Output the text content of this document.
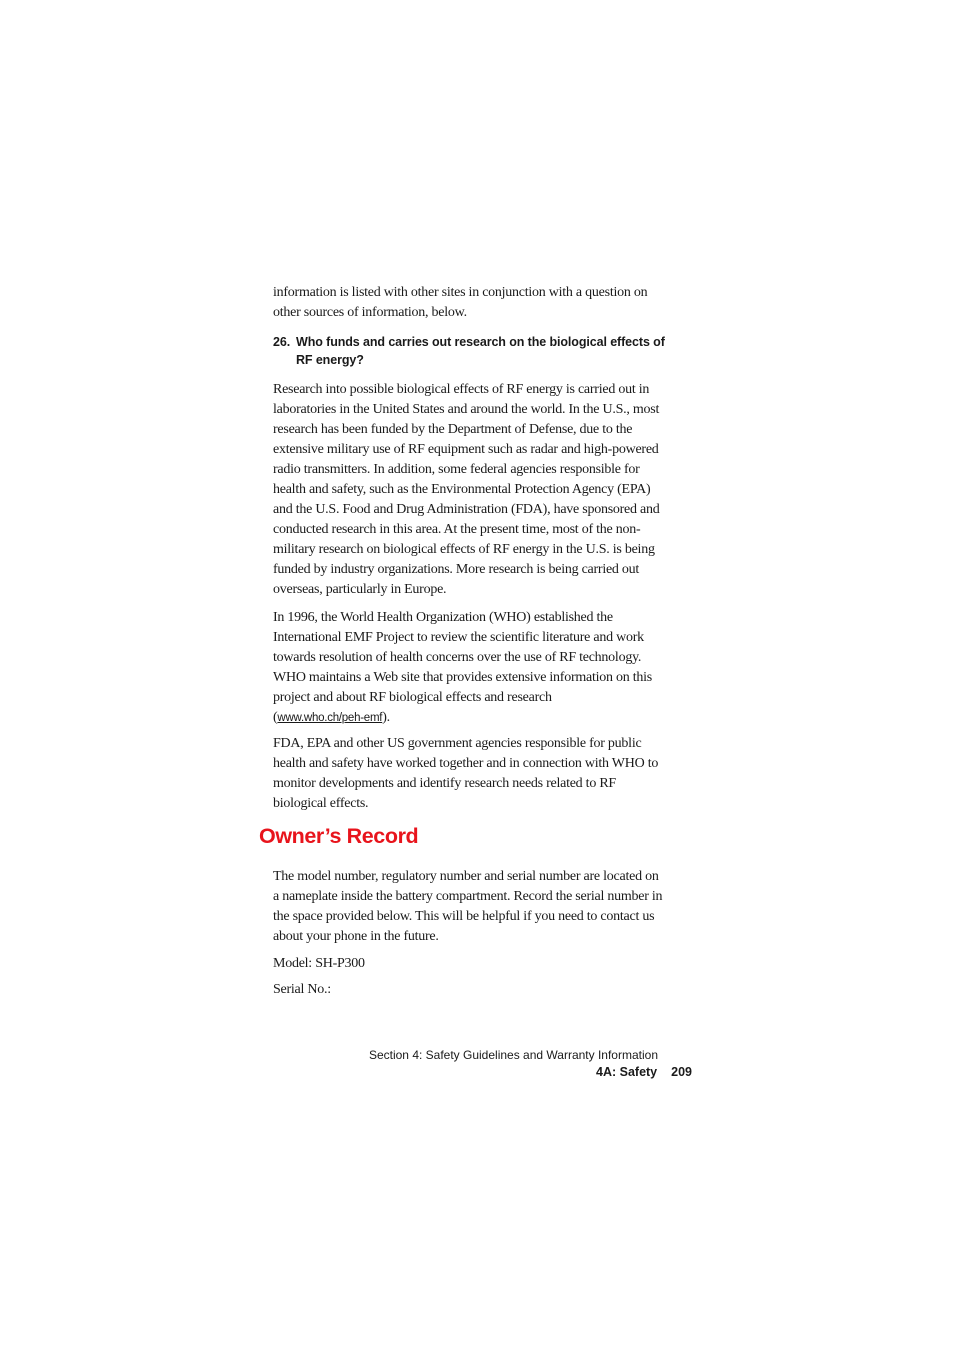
information is listed with other sites in conjunction with a question on other sources of information, below.

26. Who funds and carries out research on the biological effects of RF energy?

Research into possible biological effects of RF energy is carried out in laboratories in the United States and around the world. In the U.S., most research has been funded by the Department of Defense, due to the extensive military use of RF equipment such as radar and high-powered radio transmitters. In addition, some federal agencies responsible for health and safety, such as the Environmental Protection Agency (EPA) and the U.S. Food and Drug Administration (FDA), have sponsored and conducted research in this area. At the present time, most of the non-military research on biological effects of RF energy in the U.S. is being funded by industry organizations. More research is being carried out overseas, particularly in Europe.

In 1996, the World Health Organization (WHO) established the International EMF Project to review the scientific literature and work towards resolution of health concerns over the use of RF technology. WHO maintains a Web site that provides extensive information on this project and about RF biological effects and research
(www.who.ch/peh-emf).

FDA, EPA and other US government agencies responsible for public health and safety have worked together and in connection with WHO to monitor developments and identify research needs related to RF biological effects.

Owner’s Record

The model number, regulatory number and serial number are located on a nameplate inside the battery compartment. Record the serial number in the space provided below. This will be helpful if you need to contact us about your phone in the future.

Model: SH-P300

Serial No.:

Section 4: Safety Guidelines and Warranty Information
4A: Safety 209
